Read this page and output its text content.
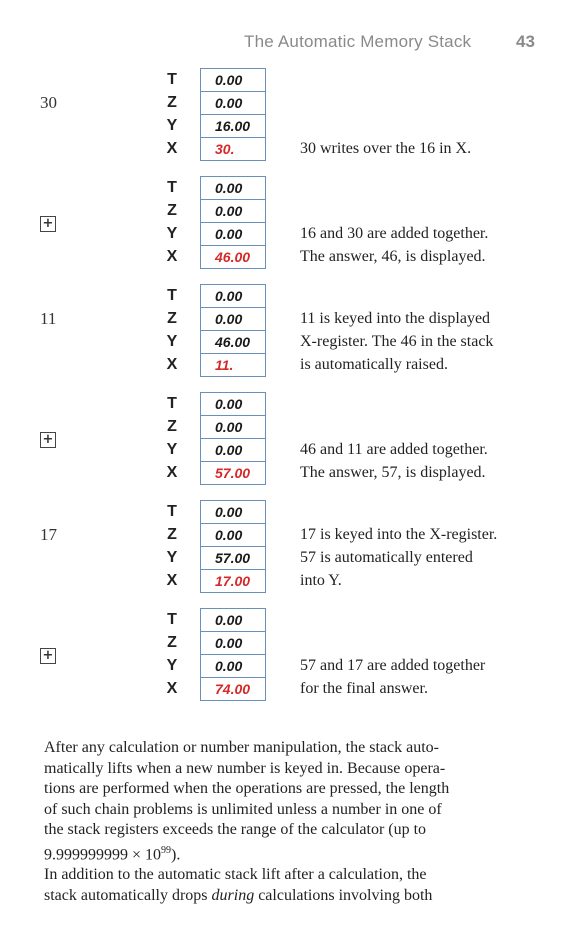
The Automatic Memory Stack	43
30
T
Z
Y
X
0.00
0.00
16.00
30.	30 writes over the 16 in X.
+
T
Z
Y
X
0.00
0.00
0.00
46.00
16 and 30 are added together.
The answer, 46, is displayed.
11
T
Z
Y
X
0.00
0.00
46.00
11.
11 is keyed into the displayed
X-register. The 46 in the stack
is automatically raised.
+
T
Z
Y
X
0.00
0.00
0.00
57.00
46 and 11 are added together.
The answer, 57, is displayed.
17
T
Z
Y
X
0.00
0.00
57.00
17.00
17 is keyed into the X-register.
57 is automatically entered
into Y.
+
T
Z
Y
X
0.00
0.00
0.00
74.00
57 and 17 are added together
for the final answer.
After any calculation or number manipulation, the stack auto-
matically lifts when a new number is keyed in. Because opera-
tions are performed when the operations are pressed, the length
of such chain problems is unlimited unless a number in one of
the stack registers exceeds the range of the calculator (up to
$9.999999999 \times 10^{99}$).
In addition to the automatic stack lift after a calculation, the
stack automatically drops during calculations involving both
